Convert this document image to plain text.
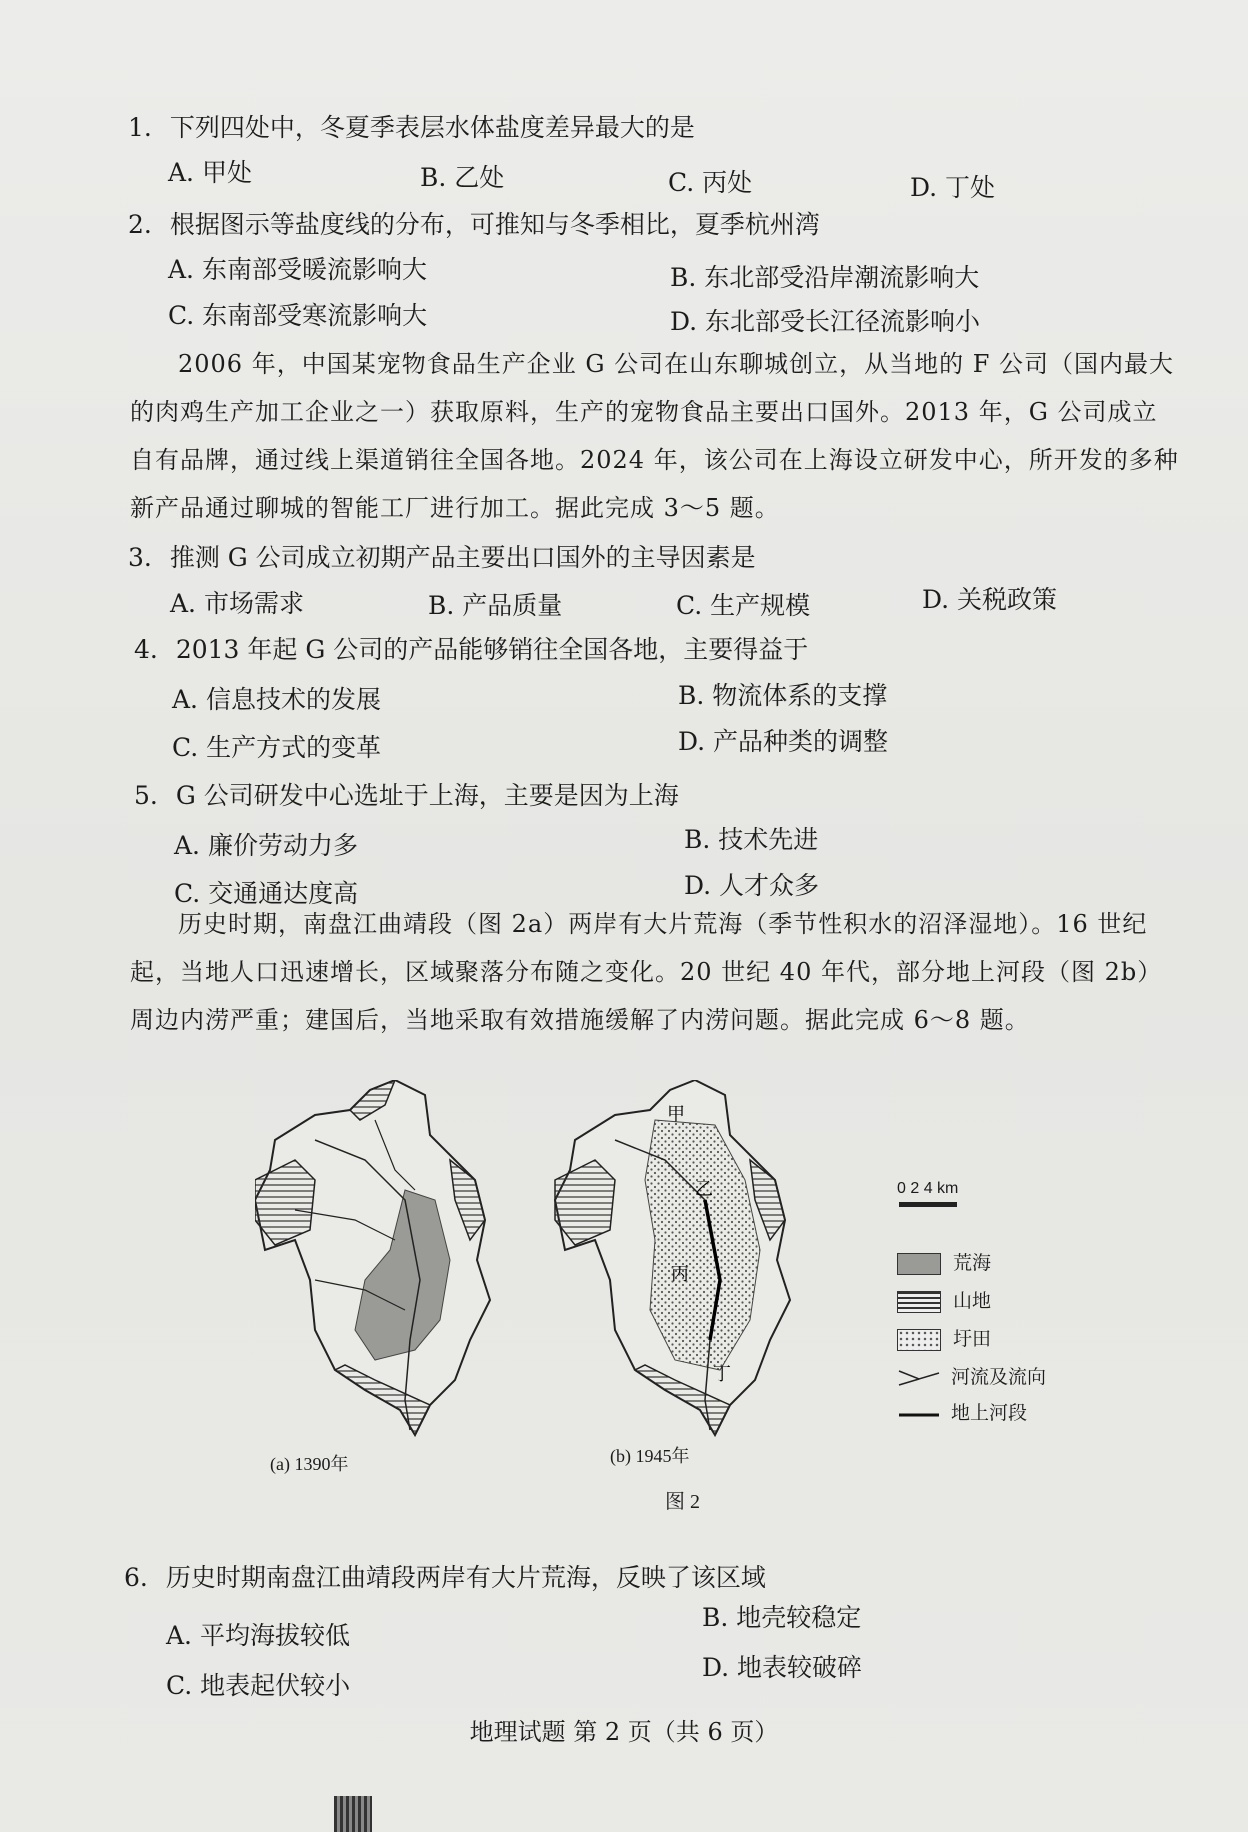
1. 下列四处中，冬夏季表层水体盐度差异最大的是
A. 甲处	B. 乙处	C. 丙处	D. 丁处
2. 根据图示等盐度线的分布，可推知与冬季相比，夏季杭州湾
A. 东南部受暖流影响大	B. 东北部受沿岸潮流影响大
C. 东南部受寒流影响大	D. 东北部受长江径流影响小
2006 年，中国某宠物食品生产企业 G 公司在山东聊城创立，从当地的 F 公司（国内最大的肉鸡生产加工企业之一）获取原料，生产的宠物食品主要出口国外。2013 年，G 公司成立自有品牌，通过线上渠道销往全国各地。2024 年，该公司在上海设立研发中心，所开发的多种新产品通过聊城的智能工厂进行加工。据此完成 3～5 题。
3. 推测 G 公司成立初期产品主要出口国外的主导因素是
A. 市场需求	B. 产品质量	C. 生产规模	D. 关税政策
4. 2013 年起 G 公司的产品能够销往全国各地，主要得益于
A. 信息技术的发展	B. 物流体系的支撑
C. 生产方式的变革	D. 产品种类的调整
5. G 公司研发中心选址于上海，主要是因为上海
A. 廉价劳动力多	B. 技术先进
C. 交通通达度高	D. 人才众多
历史时期，南盘江曲靖段（图 2a）两岸有大片荒海（季节性积水的沼泽湿地）。16 世纪起，当地人口迅速增长，区域聚落分布随之变化。20 世纪 40 年代，部分地上河段（图 2b）周边内涝严重；建国后，当地采取有效措施缓解了内涝问题。据此完成 6～8 题。
甲
乙
丙
丁
(a) 1390年	(b) 1945年
图 2
0 2 4 km
荒海
山地
圩田
河流及流向
地上河段
6. 历史时期南盘江曲靖段两岸有大片荒海，反映了该区域
A. 平均海拔较低
B. 地壳较稳定
C. 地表起伏较小
D. 地表较破碎
地理试题 第 2 页（共 6 页）
